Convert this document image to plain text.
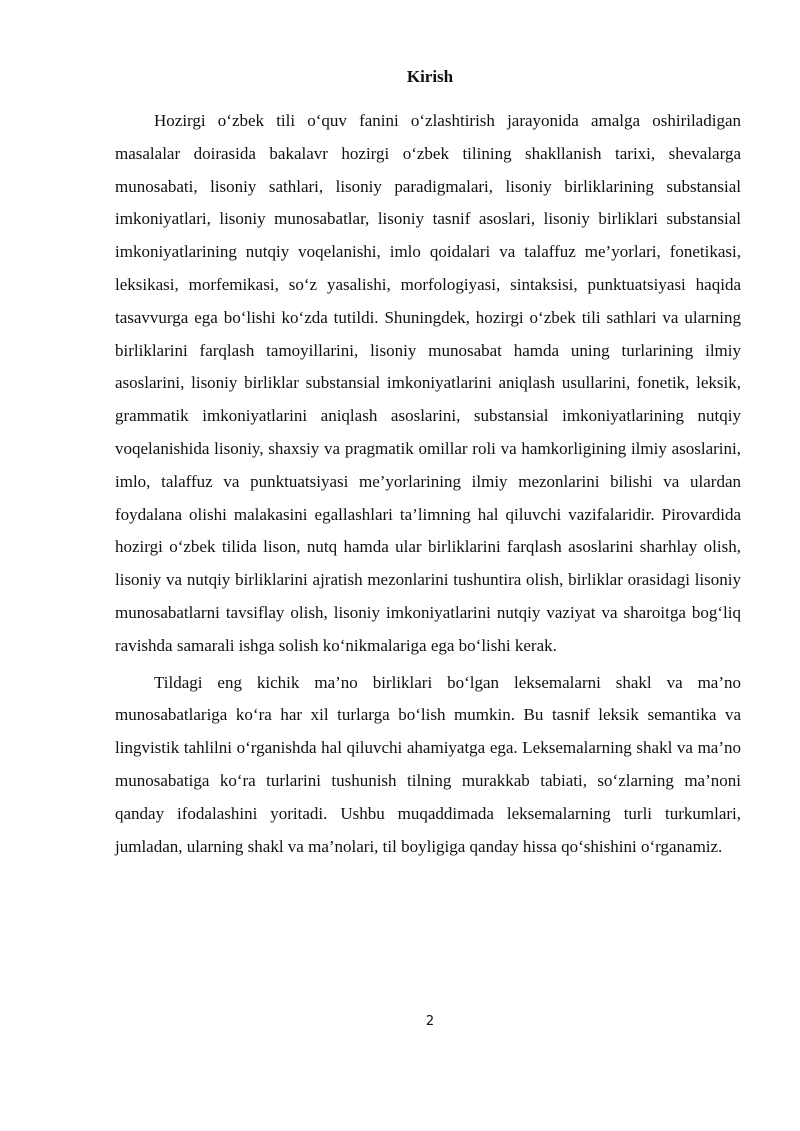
Kirish

Hozirgi o‘zbek tili o‘quv fanini o‘zlashtirish jarayonida amalga oshiriladigan masalalar doirasida bakalavr hozirgi o‘zbek tilining shakllanish tarixi, shevalarga munosabati, lisoniy sathlari, lisoniy paradigmalari, lisoniy birliklarining substansial imkoniyatlari, lisoniy munosabatlar, lisoniy tasnif asoslari, lisoniy birliklari substansial imkoniyatlarining nutqiy voqelanishi, imlo qoidalari va talaffuz me’yorlari, fonetikasi, leksikasi, morfemikasi, so‘z yasalishi, morfologiyasi, sintaksisi, punktuatsiyasi haqida tasavvurga ega bo‘lishi ko‘zda tutildi. Shuningdek, hozirgi o‘zbek tili sathlari va ularning birliklarini farqlash tamoyillarini, lisoniy munosabat hamda uning turlarining ilmiy asoslarini, lisoniy birliklar substansial imkoniyatlarini aniqlash usullarini, fonetik, leksik, grammatik imkoniyatlarini aniqlash asoslarini, substansial imkoniyatlarining nutqiy voqelanishida lisoniy, shaxsiy va pragmatik omillar roli va hamkorligining ilmiy asoslarini, imlo, talaffuz va punktuatsiyasi me’yorlarining ilmiy mezonlarini bilishi va ulardan foydalana olishi malakasini egallashlari ta’limning hal qiluvchi vazifalaridir. Pirovardida hozirgi o‘zbek tilida lison, nutq hamda ular birliklarini farqlash asoslarini sharhlay olish, lisoniy va nutqiy birliklarini ajratish mezonlarini tushuntira olish, birliklar orasidagi lisoniy munosabatlarni tavsiflay olish, lisoniy imkoniyatlarini nutqiy vaziyat va sharoitga bog‘liq ravishda samarali ishga solish ko‘nikmalariga ega bo‘lishi kerak.

Tildagi eng kichik ma’no birliklari bo‘lgan leksemalarni shakl va ma’no munosabatlariga ko‘ra har xil turlarga bo‘lish mumkin. Bu tasnif leksik semantika va lingvistik tahlilni o‘rganishda hal qiluvchi ahamiyatga ega. Leksemalarning shakl va ma’no munosabatiga ko‘ra turlarini tushunish tilning murakkab tabiati, so‘zlarning ma’noni qanday ifodalashini yoritadi. Ushbu muqaddimada leksemalarning turli turkumlari, jumladan, ularning shakl va ma’nolari, til boyligiga qanday hissa qo‘shishini o‘rganamiz.

2
